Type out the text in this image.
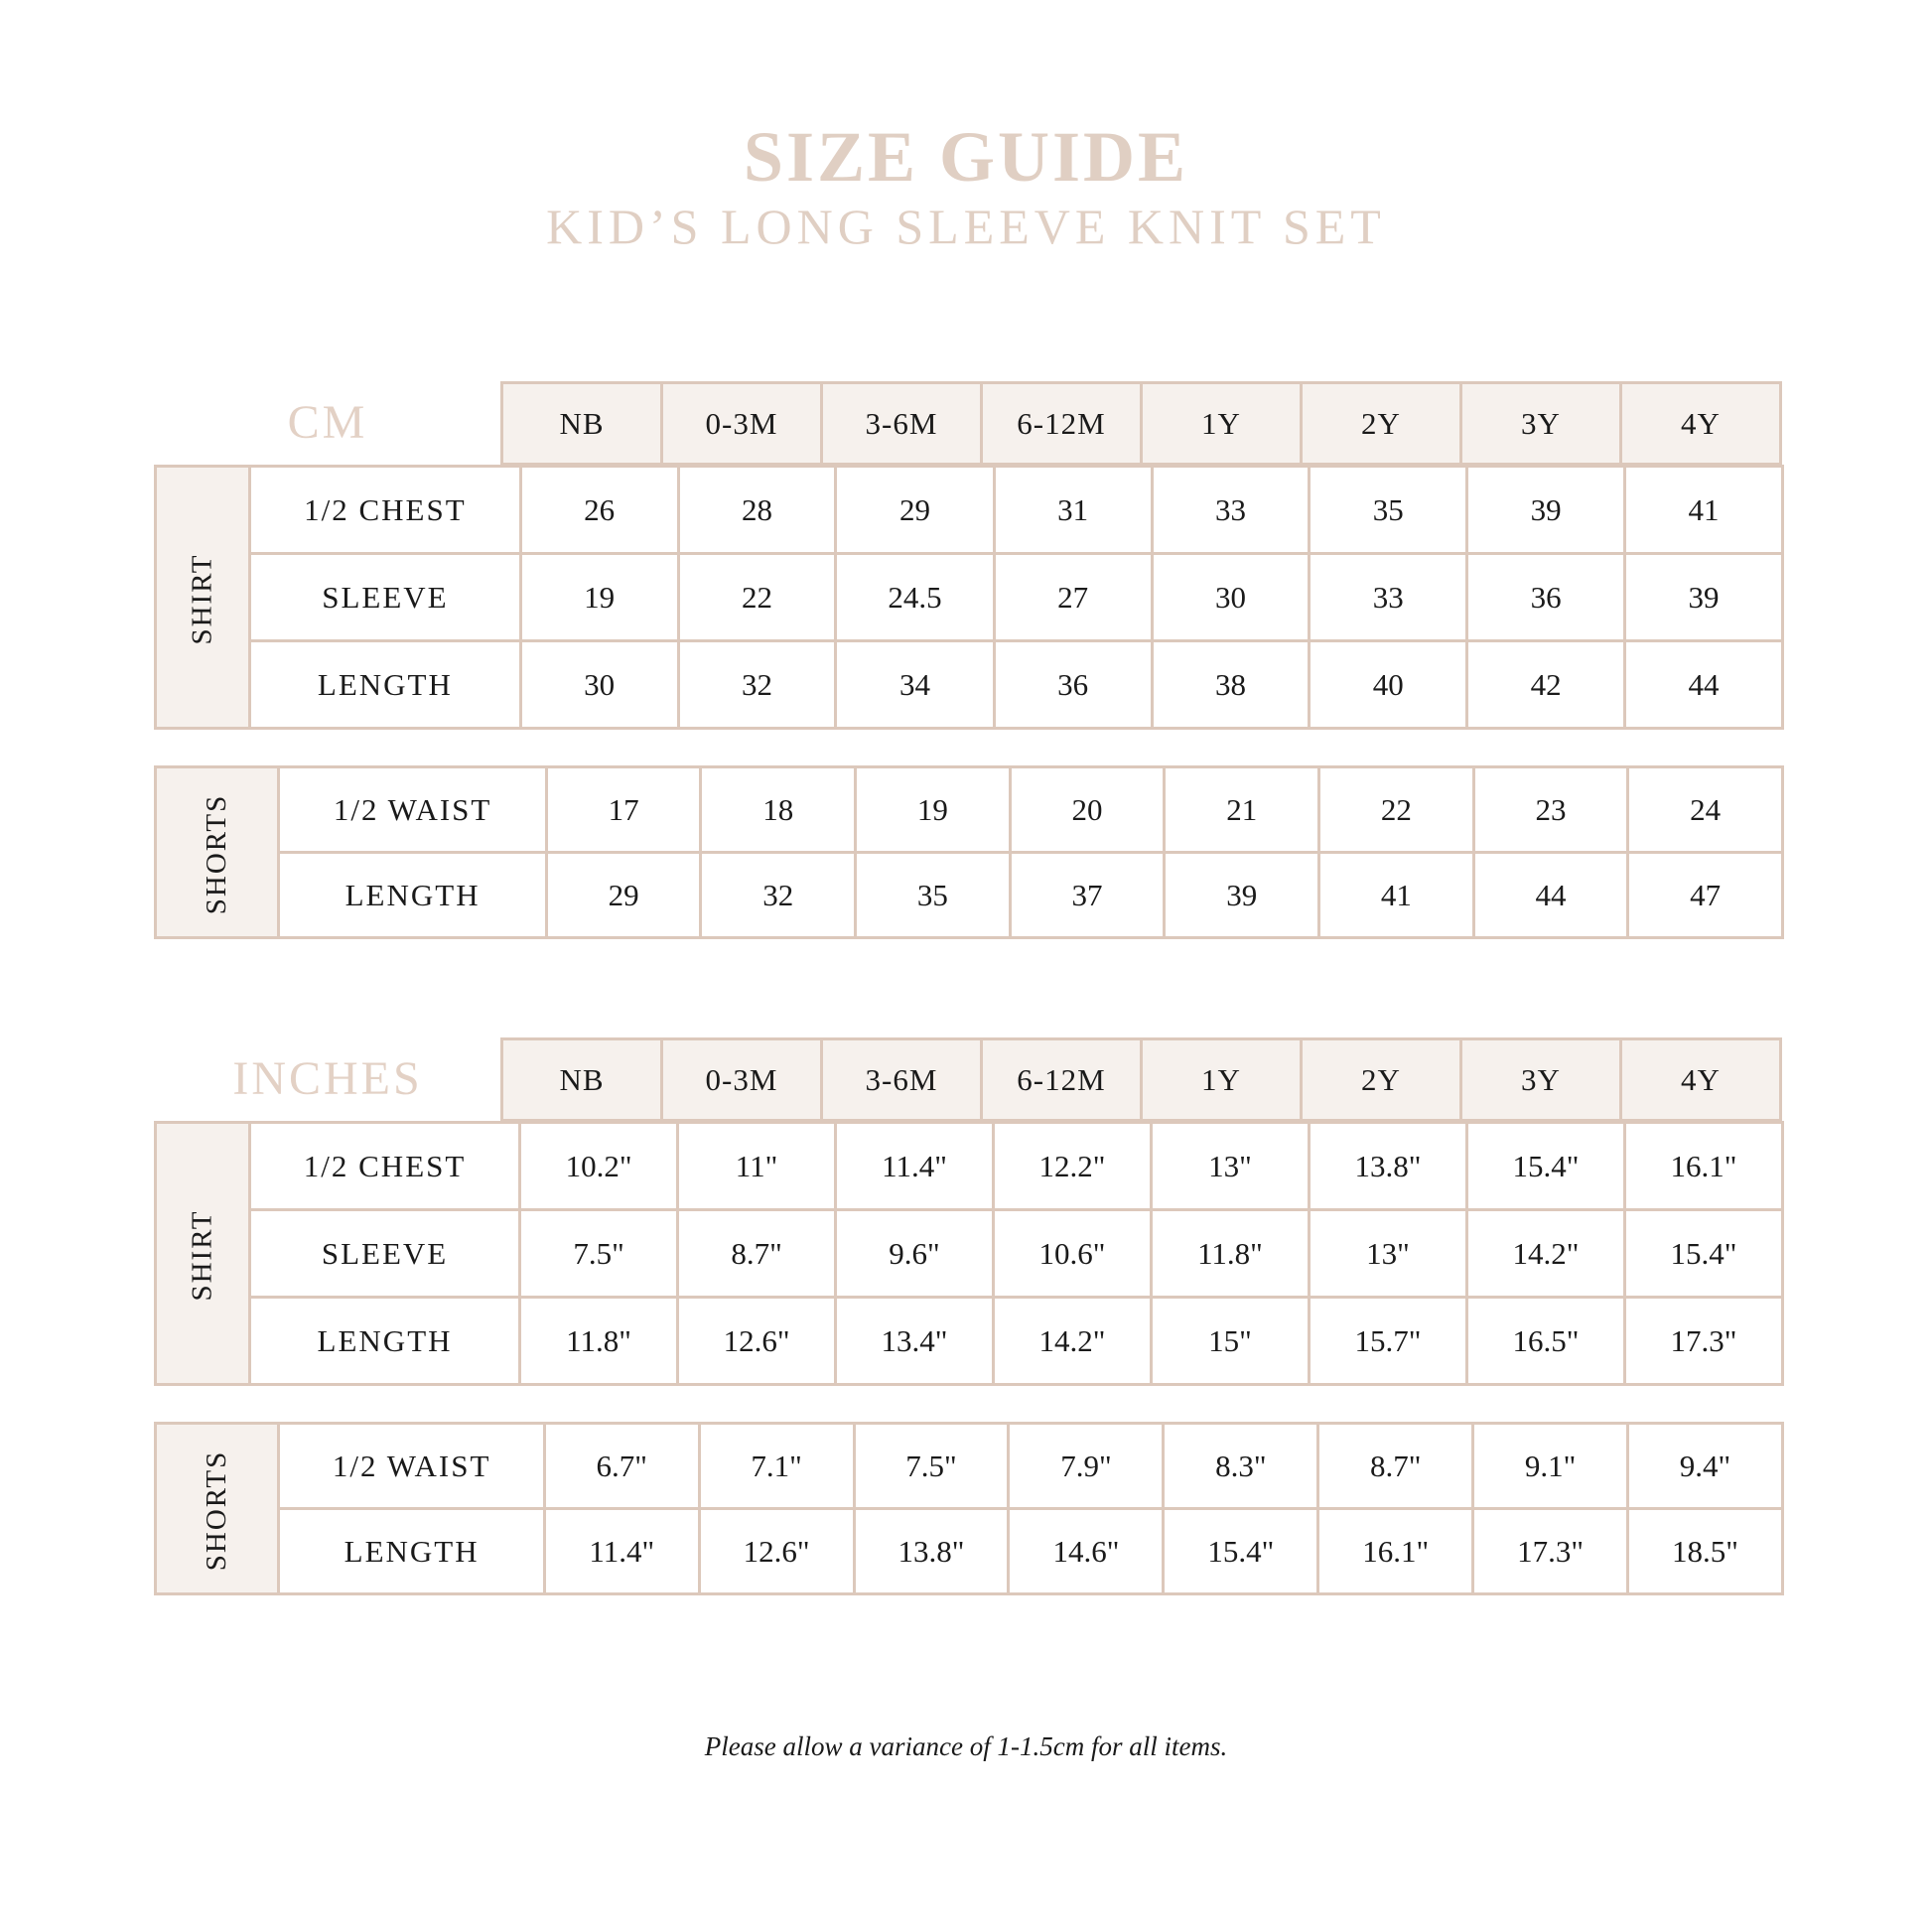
SIZE GUIDE
KID’S LONG SLEEVE KNIT SET
CM	NB	0-3M	3-6M	6-12M	1Y	2Y	3Y	4Y
SHIRT	1/2 CHEST	26	28	29	31	33	35	39	41
	SLEEVE	19	22	24.5	27	30	33	36	39
	LENGTH	30	32	34	36	38	40	42	44
SHORTS	1/2 WAIST	17	18	19	20	21	22	23	24
	LENGTH	29	32	35	37	39	41	44	47
INCHES	NB	0-3M	3-6M	6-12M	1Y	2Y	3Y	4Y
SHIRT	1/2 CHEST	10.2"	11"	11.4"	12.2"	13"	13.8"	15.4"	16.1"
	SLEEVE	7.5"	8.7"	9.6"	10.6"	11.8"	13"	14.2"	15.4"
	LENGTH	11.8"	12.6"	13.4"	14.2"	15"	15.7"	16.5"	17.3"
SHORTS	1/2 WAIST	6.7"	7.1"	7.5"	7.9"	8.3"	8.7"	9.1"	9.4"
	LENGTH	11.4"	12.6"	13.8"	14.6"	15.4"	16.1"	17.3"	18.5"

Please allow a variance of 1-1.5cm for all items.
